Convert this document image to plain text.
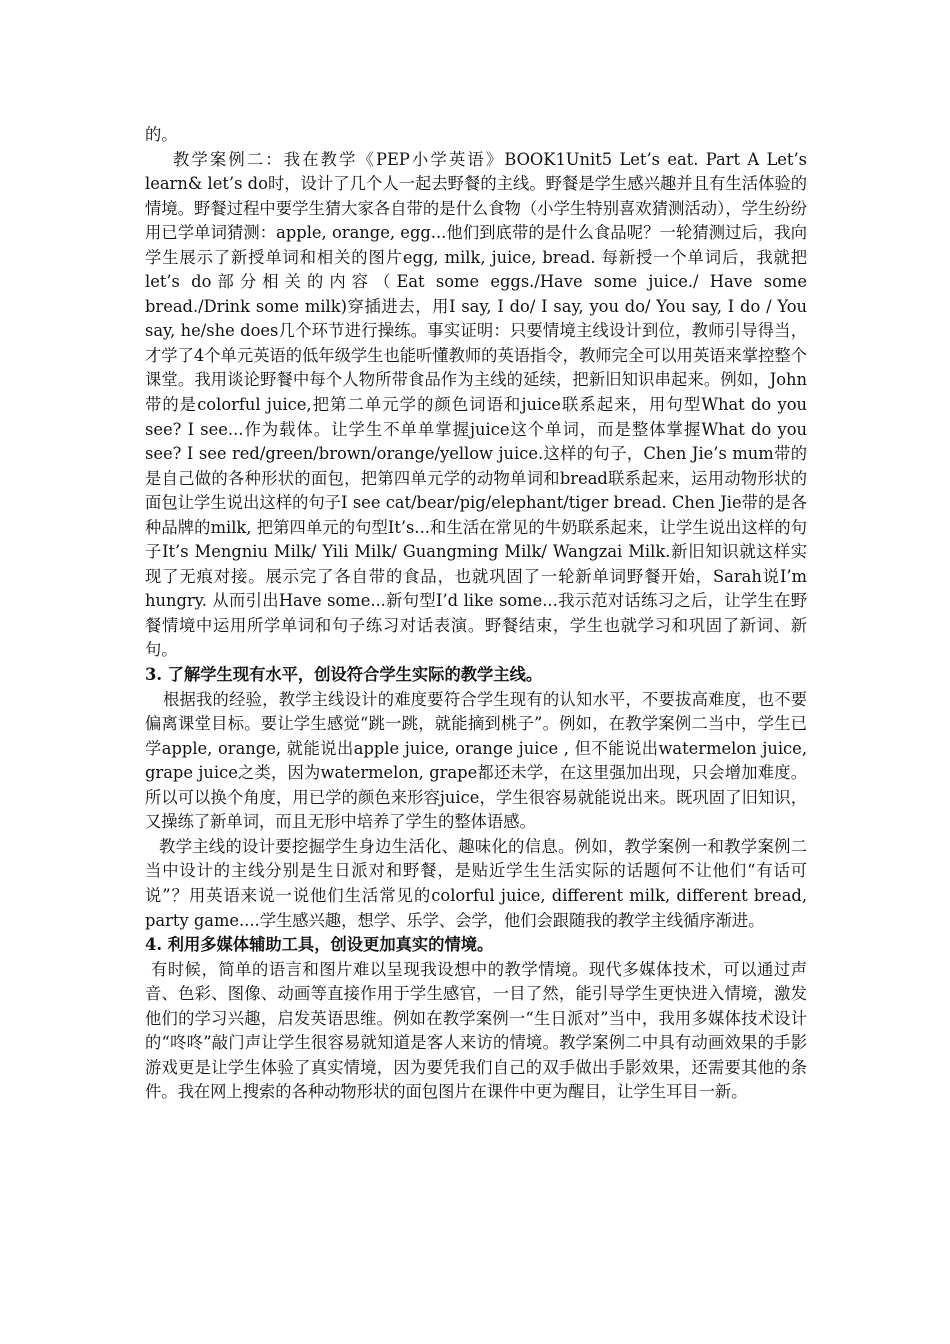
的。

教学案例二：我在教学《PEP小学英语》BOOK1Unit5 Let’s eat. Part A Let’s learn& let’s do时，设计了几个人一起去野餐的主线。野餐是学生感兴趣并且有生活体验的情境。野餐过程中要学生猜大家各自带的是什么食物（小学生特别喜欢猜测活动），学生纷纷用已学单词猜测：apple, orange, egg...他们到底带的是什么食品呢？一轮猜测过后，我向学生展示了新授单词和相关的图片egg, milk, juice, bread. 每新授一个单词后，我就把let’s do部分相关的内容（Eat some eggs./Have some juice./ Have some bread./Drink some milk)穿插进去，用I say, I do/ I say, you do/ You say, I do / You say, he/she does几个环节进行操练。事实证明：只要情境主线设计到位，教师引导得当，才学了4个单元英语的低年级学生也能听懂教师的英语指令，教师完全可以用英语来掌控整个课堂。我用谈论野餐中每个人物所带食品作为主线的延续，把新旧知识串起来。例如，John带的是colorful juice,把第二单元学的颜色词语和juice联系起来，用句型What do you see? I see...作为载体。让学生不单单掌握juice这个单词，而是整体掌握What do you see? I see red/green/brown/orange/yellow juice.这样的句子，Chen Jie’s mum带的是自己做的各种形状的面包，把第四单元学的动物单词和bread联系起来，运用动物形状的面包让学生说出这样的句子I see cat/bear/pig/elephant/tiger bread. Chen Jie带的是各种品牌的milk, 把第四单元的句型It’s...和生活在常见的牛奶联系起来，让学生说出这样的句子It’s Mengniu Milk/ Yili Milk/ Guangming Milk/ Wangzai Milk.新旧知识就这样实现了无痕对接。展示完了各自带的食品，也就巩固了一轮新单词野餐开始，Sarah说I’m hungry. 从而引出Have some...新句型I’d like some...我示范对话练习之后，让学生在野餐情境中运用所学单词和句子练习对话表演。野餐结束，学生也就学习和巩固了新词、新句。

3. 了解学生现有水平，创设符合学生实际的教学主线。

根据我的经验，教学主线设计的难度要符合学生现有的认知水平，不要拔高难度，也不要偏离课堂目标。要让学生感觉“跳一跳，就能摘到桃子”。例如，在教学案例二当中，学生已学apple, orange, 就能说出apple juice, orange juice , 但不能说出watermelon juice, grape juice之类，因为watermelon, grape都还未学，在这里强加出现，只会增加难度。所以可以换个角度，用已学的颜色来形容juice，学生很容易就能说出来。既巩固了旧知识，又操练了新单词，而且无形中培养了学生的整体语感。

教学主线的设计要挖掘学生身边生活化、趣味化的信息。例如，教学案例一和教学案例二当中设计的主线分别是生日派对和野餐，是贴近学生生活实际的话题何不让他们“有话可说”？用英语来说一说他们生活常见的colorful juice, different milk, different bread, party game....学生感兴趣，想学、乐学、会学，他们会跟随我的教学主线循序渐进。

4. 利用多媒体辅助工具，创设更加真实的情境。

有时候，简单的语言和图片难以呈现我设想中的教学情境。现代多媒体技术，可以通过声音、色彩、图像、动画等直接作用于学生感官，一目了然，能引导学生更快进入情境，激发他们的学习兴趣，启发英语思维。例如在教学案例一“生日派对”当中，我用多媒体技术设计的“咚咚”敲门声让学生很容易就知道是客人来访的情境。教学案例二中具有动画效果的手影游戏更是让学生体验了真实情境，因为要凭我们自己的双手做出手影效果，还需要其他的条件。我在网上搜索的各种动物形状的面包图片在课件中更为醒目，让学生耳目一新。
